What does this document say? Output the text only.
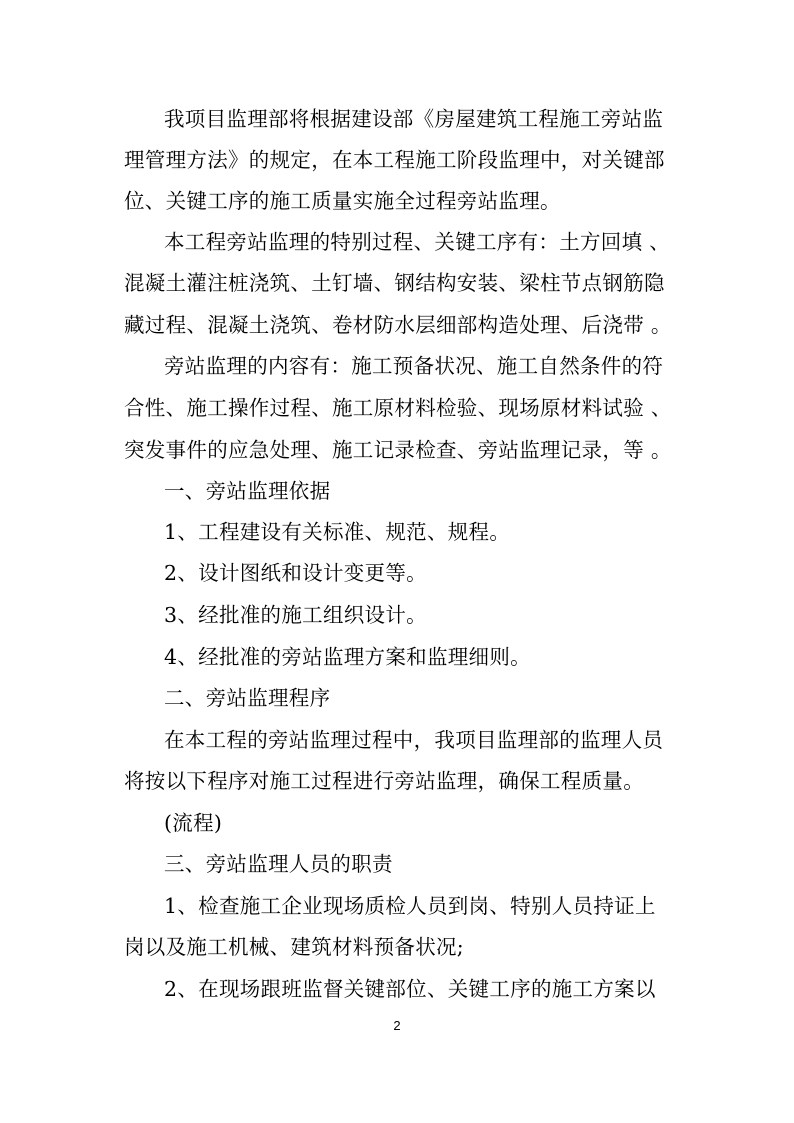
我项目监理部将根据建设部《房屋建筑工程施工旁站监
理管理方法》的规定，在本工程施工阶段监理中，对关键部
位、关键工序的施工质量实施全过程旁站监理。
本工程旁站监理的特别过程、关键工序有：土方回填 、
混凝土灌注桩浇筑、土钉墙、钢结构安装、梁柱节点钢筋隐
藏过程、混凝土浇筑、卷材防水层细部构造处理、后浇带 。
旁站监理的内容有：施工预备状况、施工自然条件的符
合性、施工操作过程、施工原材料检验、现场原材料试验 、
突发事件的应急处理、施工记录检查、旁站监理记录，等 。
一、旁站监理依据
1、工程建设有关标准、规范、规程。
2、设计图纸和设计变更等。
3、经批准的施工组织设计。
4、经批准的旁站监理方案和监理细则。
二、旁站监理程序
在本工程的旁站监理过程中，我项目监理部的监理人员
将按以下程序对施工过程进行旁站监理，确保工程质量。
(流程)
三、旁站监理人员的职责
1、检查施工企业现场质检人员到岗、特别人员持证上
岗以及施工机械、建筑材料预备状况;
2、在现场跟班监督关键部位、关键工序的施工方案以
2
